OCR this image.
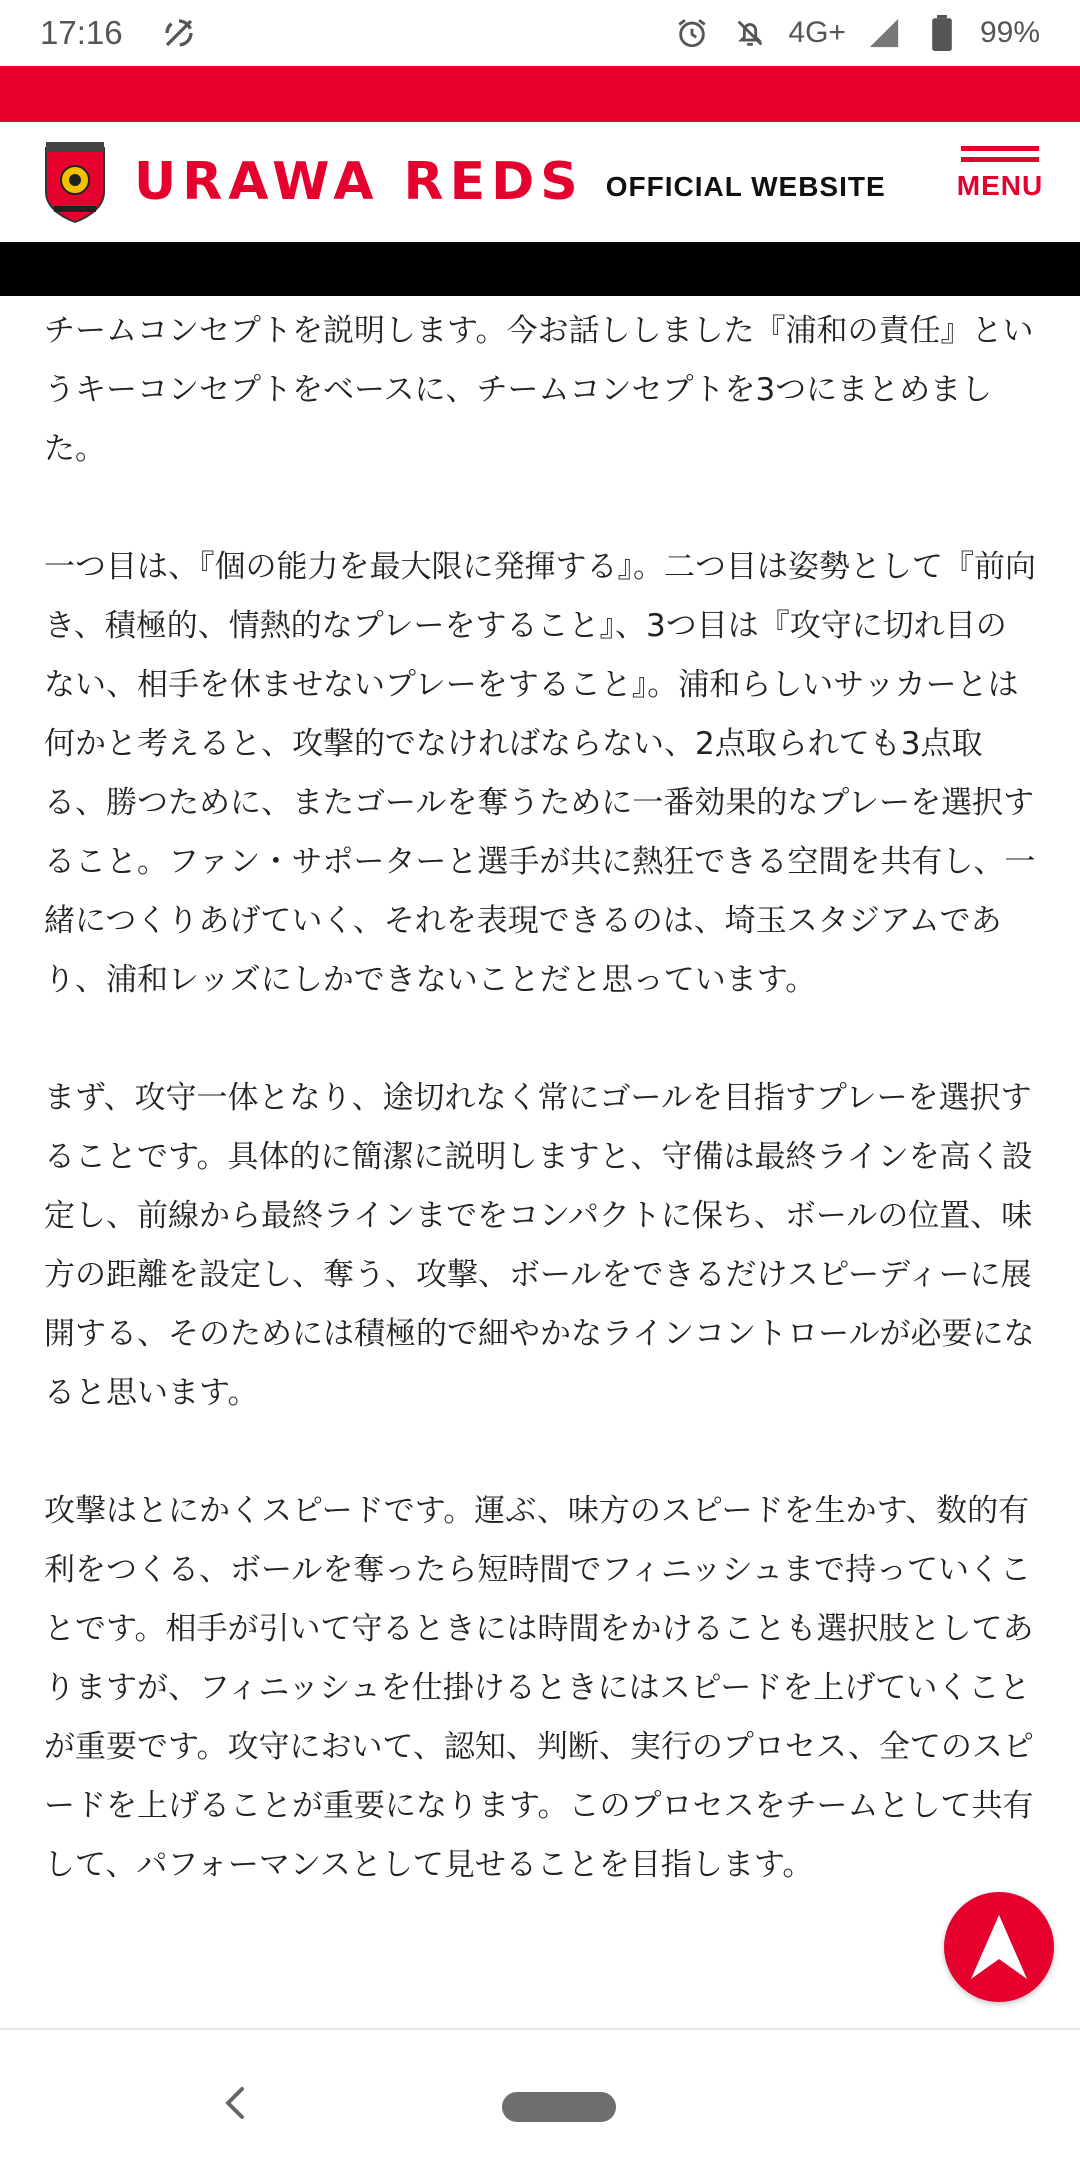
17:16	4G+	99%
URAWA REDS OFFICIAL WEBSITE	MENU

チームコンセプトを説明します。今お話ししました『浦和の責任』というキーコンセプトをベースに、チームコンセプトを3つにまとめました。

一つ目は、『個の能力を最大限に発揮する』。二つ目は姿勢として『前向き、積極的、情熱的なプレーをすること』、3つ目は『攻守に切れ目のない、相手を休ませないプレーをすること』。浦和らしいサッカーとは何かと考えると、攻撃的でなければならない、2点取られても3点取る、勝つために、またゴールを奪うために一番効果的なプレーを選択すること。ファン・サポーターと選手が共に熱狂できる空間を共有し、一緒につくりあげていく、それを表現できるのは、埼玉スタジアムであり、浦和レッズにしかできないことだと思っています。

まず、攻守一体となり、途切れなく常にゴールを目指すプレーを選択することです。具体的に簡潔に説明しますと、守備は最終ラインを高く設定し、前線から最終ラインまでをコンパクトに保ち、ボールの位置、味方の距離を設定し、奪う、攻撃、ボールをできるだけスピーディーに展開する、そのためには積極的で細やかなラインコントロールが必要になると思います。

攻撃はとにかくスピードです。運ぶ、味方のスピードを生かす、数的有利をつくる、ボールを奪ったら短時間でフィニッシュまで持っていくことです。相手が引いて守るときには時間をかけることも選択肢としてありますが、フィニッシュを仕掛けるときにはスピードを上げていくことが重要です。攻守において、認知、判断、実行のプロセス、全てのスピードを上げることが重要になります。このプロセスをチームとして共有して、パフォーマンスとして見せることを目指します。
